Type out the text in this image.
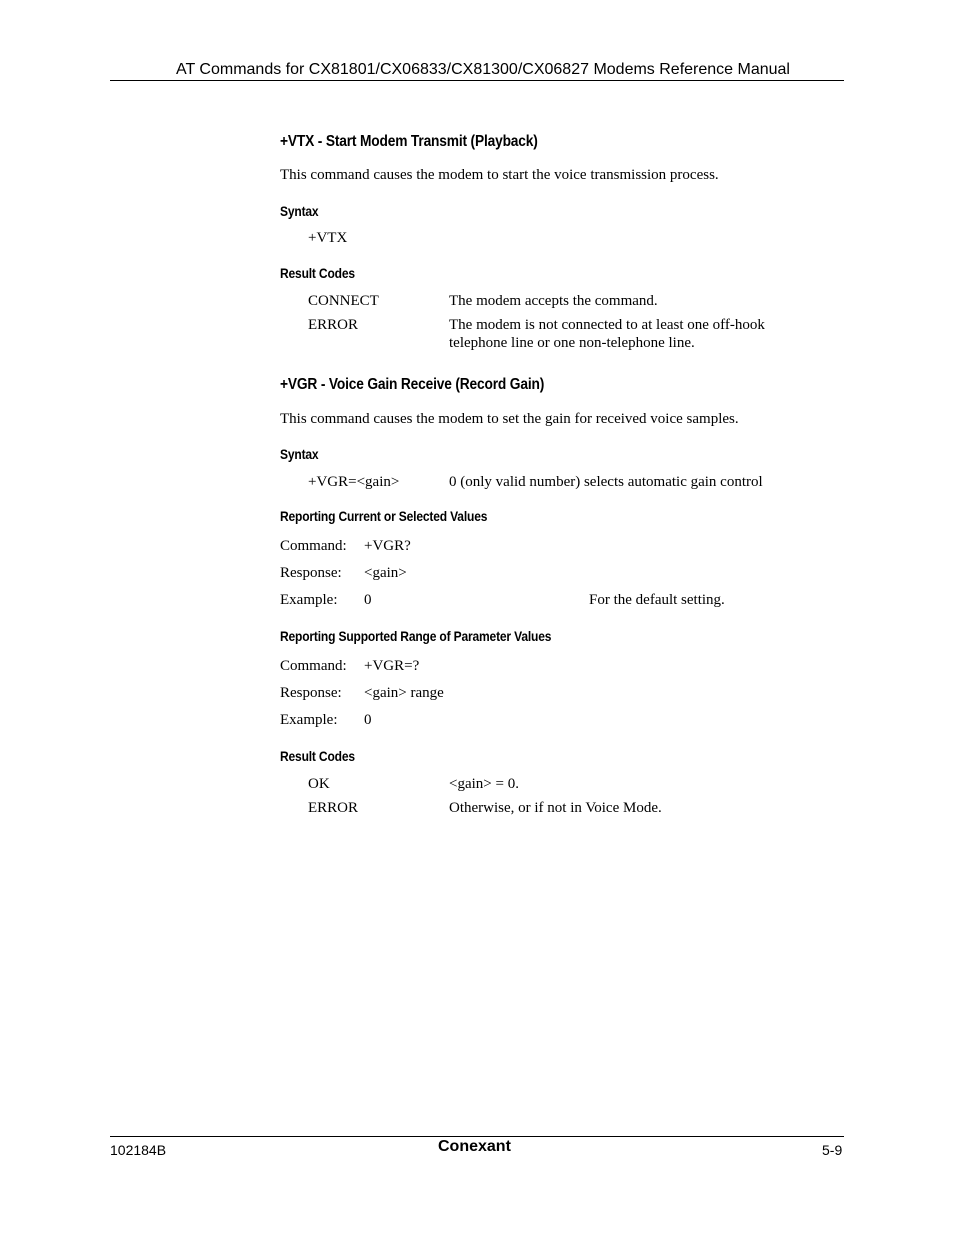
AT Commands for CX81801/CX06833/CX81300/CX06827 Modems Reference Manual
+VTX - Start Modem Transmit (Playback)
This command causes the modem to start the voice transmission process.
Syntax
+VTX
Result Codes
CONNECT	The modem accepts the command.
ERROR	The modem is not connected to at least one off-hook
telephone line or one non-telephone line.
+VGR - Voice Gain Receive (Record Gain)
This command causes the modem to set the gain for received voice samples.
Syntax
+VGR=<gain>	0 (only valid number) selects automatic gain control
Reporting Current or Selected Values
Command: +VGR?
Response: <gain>
Example: 0	For the default setting.
Reporting Supported Range of Parameter Values
Command: +VGR=?
Response: <gain> range
Example: 0
Result Codes
OK	<gain> = 0.
ERROR	Otherwise, or if not in Voice Mode.
102184B	Conexant	5-9
